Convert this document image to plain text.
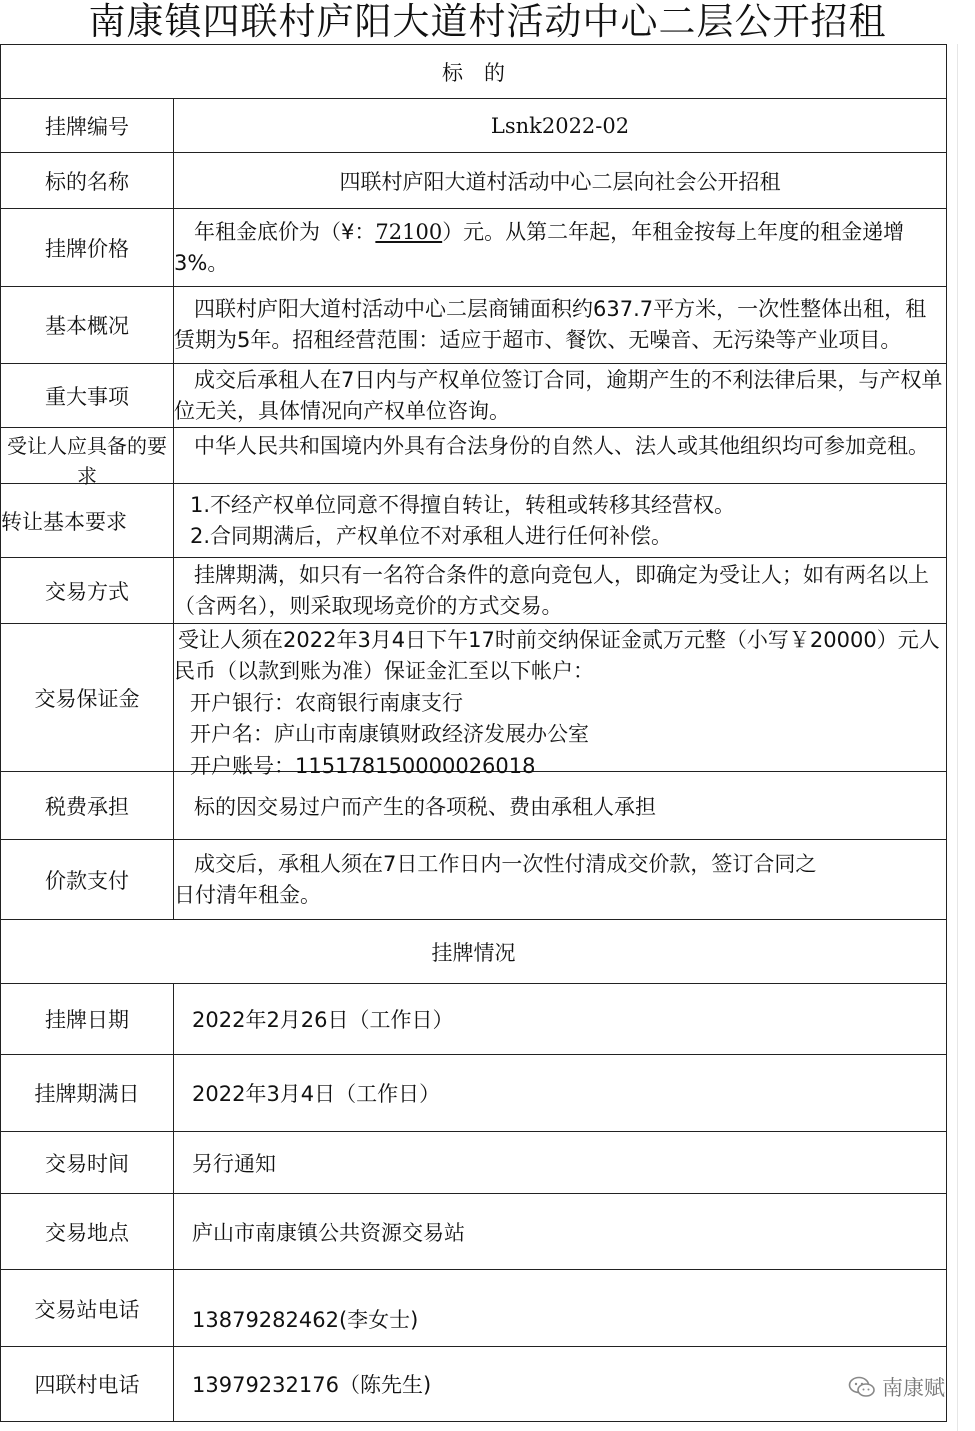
南康镇四联村庐阳大道村活动中心二层公开招租
标　的	
挂牌编号	Lsnk2022-02
标的名称	四联村庐阳大道村活动中心二层向社会公开招租
挂牌价格	年租金底价为（¥：72100）元。从第二年起，年租金按每上年度的租金递增3%。

基本概况	四联村庐阳大道村活动中心二层商铺面积约637.7平方米，一次性整体出租，租赁期为5年。招租经营范围：适应于超市、餐饮、无噪音、无污染等产业项目。

重大事项	成交后承租人在7日内与产权单位签订合同，逾期产生的不利法律后果，与产权单位无关，具体情况向产权单位咨询。

受让人应具备的要　求	中华人民共和国境内外具有合法身份的自然人、法人或其他组织均可参加竞租。

转让基本要求	1.不经产权单位同意不得擅自转让，转租或转移其经营权。
2.合同期满后，产权单位不对承租人进行任何补偿。

交易方式	挂牌期满，如只有一名符合条件的意向竞包人，即确定为受让人；如有两名以上（含两名），则采取现场竞价的方式交易。

交易保证金	受让人须在2022年3月4日下午17时前交纳保证金贰万元整（小写￥20000）元人民币（以款到账为准）保证金汇至以下帐户：
开户银行：农商银行南康支行
开户名：庐山市南康镇财政经济发展办公室
开户账号：115178150000026018

税费承担	标的因交易过户而产生的各项税、费由承租人承担
价款支付	成交后，承租人须在7日工作日内一次性付清成交价款，签订合同之
日付清年租金。

挂牌情况	
挂牌日期	2022年2月26日（工作日）
挂牌期满日	2022年3月4日（工作日）
交易时间	另行通知
交易地点	庐山市南康镇公共资源交易站
交易站电话	13879282462(李女士)
四联村电话	13979232176（陈先生)	南康赋
